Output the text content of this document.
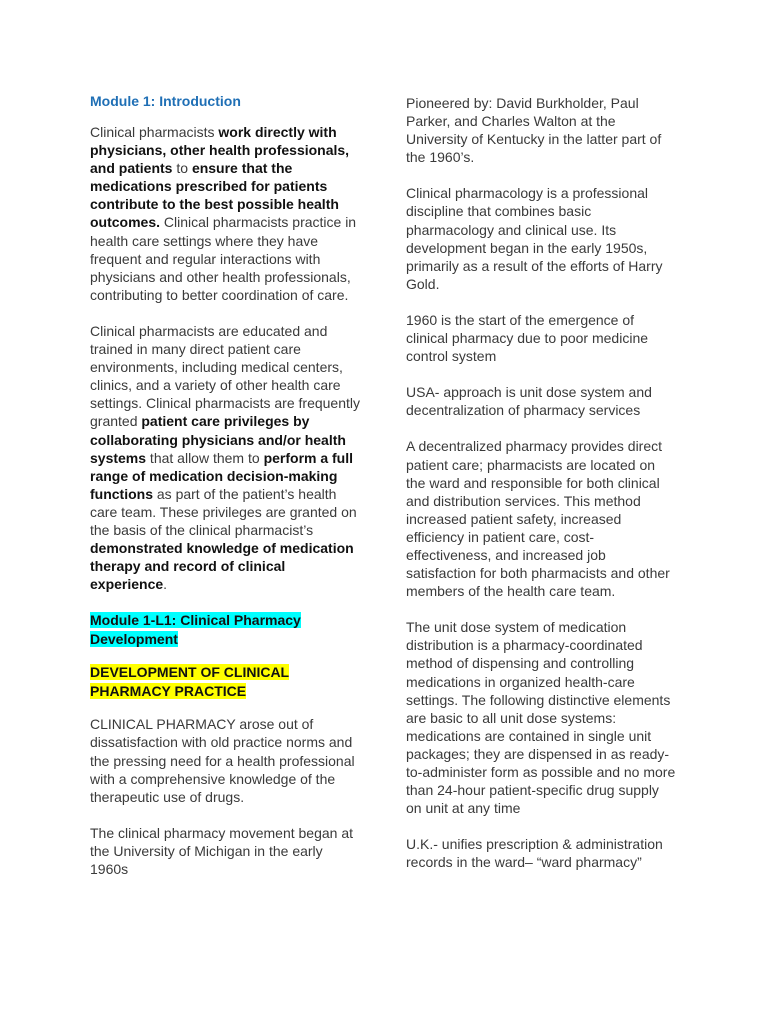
Module 1: Introduction

Clinical pharmacists work directly with physicians, other health professionals, and patients to ensure that the medications prescribed for patients contribute to the best possible health outcomes. Clinical pharmacists practice in health care settings where they have frequent and regular interactions with physicians and other health professionals, contributing to better coordination of care.

Clinical pharmacists are educated and trained in many direct patient care environments, including medical centers, clinics, and a variety of other health care settings. Clinical pharmacists are frequently granted patient care privileges by collaborating physicians and/or health systems that allow them to perform a full range of medication decision-making functions as part of the patient’s health care team. These privileges are granted on the basis of the clinical pharmacist’s demonstrated knowledge of medication therapy and record of clinical experience.

Module 1-L1: Clinical Pharmacy Development
DEVELOPMENT OF CLINICAL PHARMACY PRACTICE

CLINICAL PHARMACY arose out of dissatisfaction with old practice norms and the pressing need for a health professional with a comprehensive knowledge of the therapeutic use of drugs.

The clinical pharmacy movement began at the University of Michigan in the early 1960s

Pioneered by: David Burkholder, Paul Parker, and Charles Walton at the University of Kentucky in the latter part of the 1960’s.

Clinical pharmacology is a professional discipline that combines basic pharmacology and clinical use. Its development began in the early 1950s, primarily as a result of the efforts of Harry Gold.

1960 is the start of the emergence of clinical pharmacy due to poor medicine control system

USA- approach is unit dose system and decentralization of pharmacy services

A decentralized pharmacy provides direct patient care; pharmacists are located on the ward and responsible for both clinical and distribution services. This method increased patient safety, increased efficiency in patient care, cost-effectiveness, and increased job satisfaction for both pharmacists and other members of the health care team.

The unit dose system of medication distribution is a pharmacy-coordinated method of dispensing and controlling medications in organized health-care settings. The following distinctive elements are basic to all unit dose systems: medications are contained in single unit packages; they are dispensed in as ready-to-administer form as possible and no more than 24-hour patient-specific drug supply on unit at any time

U.K.- unifies prescription & administration records in the ward– “ward pharmacy”
